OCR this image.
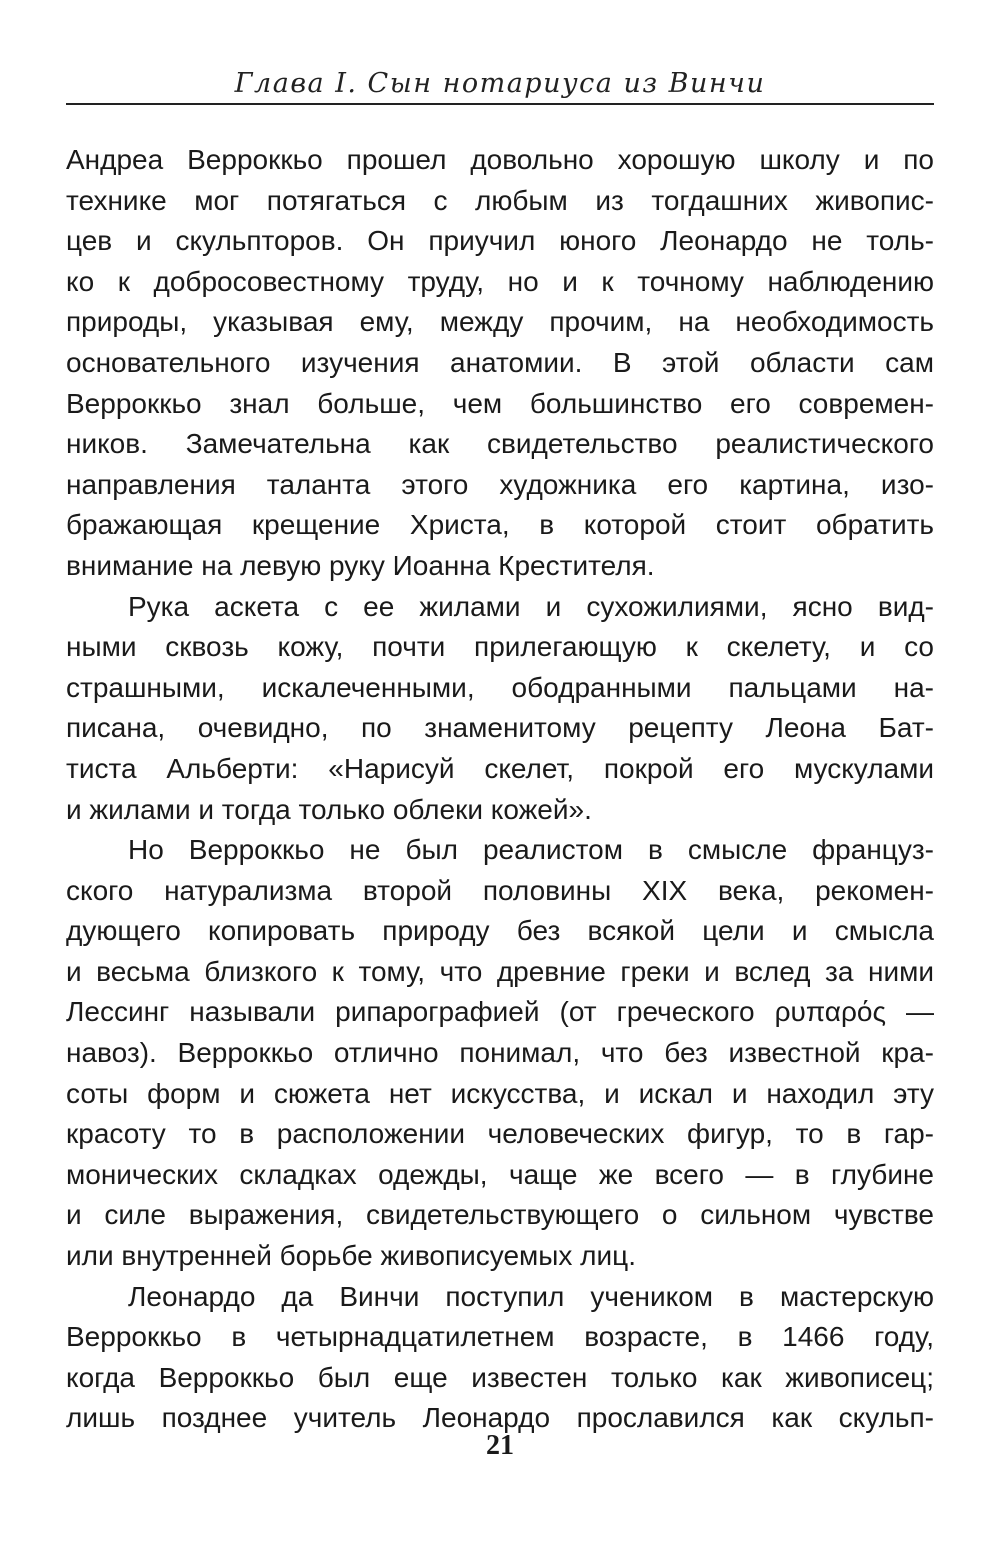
Глава I. Сын нотариуса из Винчи
Андреа Верроккьо прошел довольно хорошую школу и по
технике мог потягаться с любым из тогдашних живопис-
цев и скульпторов. Он приучил юного Леонардо не толь-
ко к добросовестному труду, но и к точному наблюдению
природы, указывая ему, между прочим, на необходимость
основательного изучения анатомии. В этой области сам
Верроккьо знал больше, чем большинство его современ-
ников. Замечательна как свидетельство реалистического
направления таланта этого художника его картина, изо-
бражающая крещение Христа, в которой стоит обратить
внимание на левую руку Иоанна Крестителя.
Рука аскета с ее жилами и сухожилиями, ясно вид-
ными сквозь кожу, почти прилегающую к скелету, и со
страшными, искалеченными, ободранными пальцами на-
писана, очевидно, по знаменитому рецепту Леона Бат-
тиста Альберти: «Нарисуй скелет, покрой его мускулами
и жилами и тогда только облеки кожей».
Но Верроккьо не был реалистом в смысле француз-
ского натурализма второй половины XIX века, рекомен-
дующего копировать природу без всякой цели и смысла
и весьма близкого к тому, что древние греки и вслед за ними
Лессинг называли рипарографией (от греческого ρυπαρός —
навоз). Верроккьо отлично понимал, что без известной кра-
соты форм и сюжета нет искусства, и искал и находил эту
красоту то в расположении человеческих фигур, то в гар-
монических складках одежды, чаще же всего — в глубине
и силе выражения, свидетельствующего о сильном чувстве
или внутренней борьбе живописуемых лиц.
Леонардо да Винчи поступил учеником в мастерскую
Верроккьо в четырнадцатилетнем возрасте, в 1466 году,
когда Верроккьо был еще известен только как живописец;
лишь позднее учитель Леонардо прославился как скульп-
21
